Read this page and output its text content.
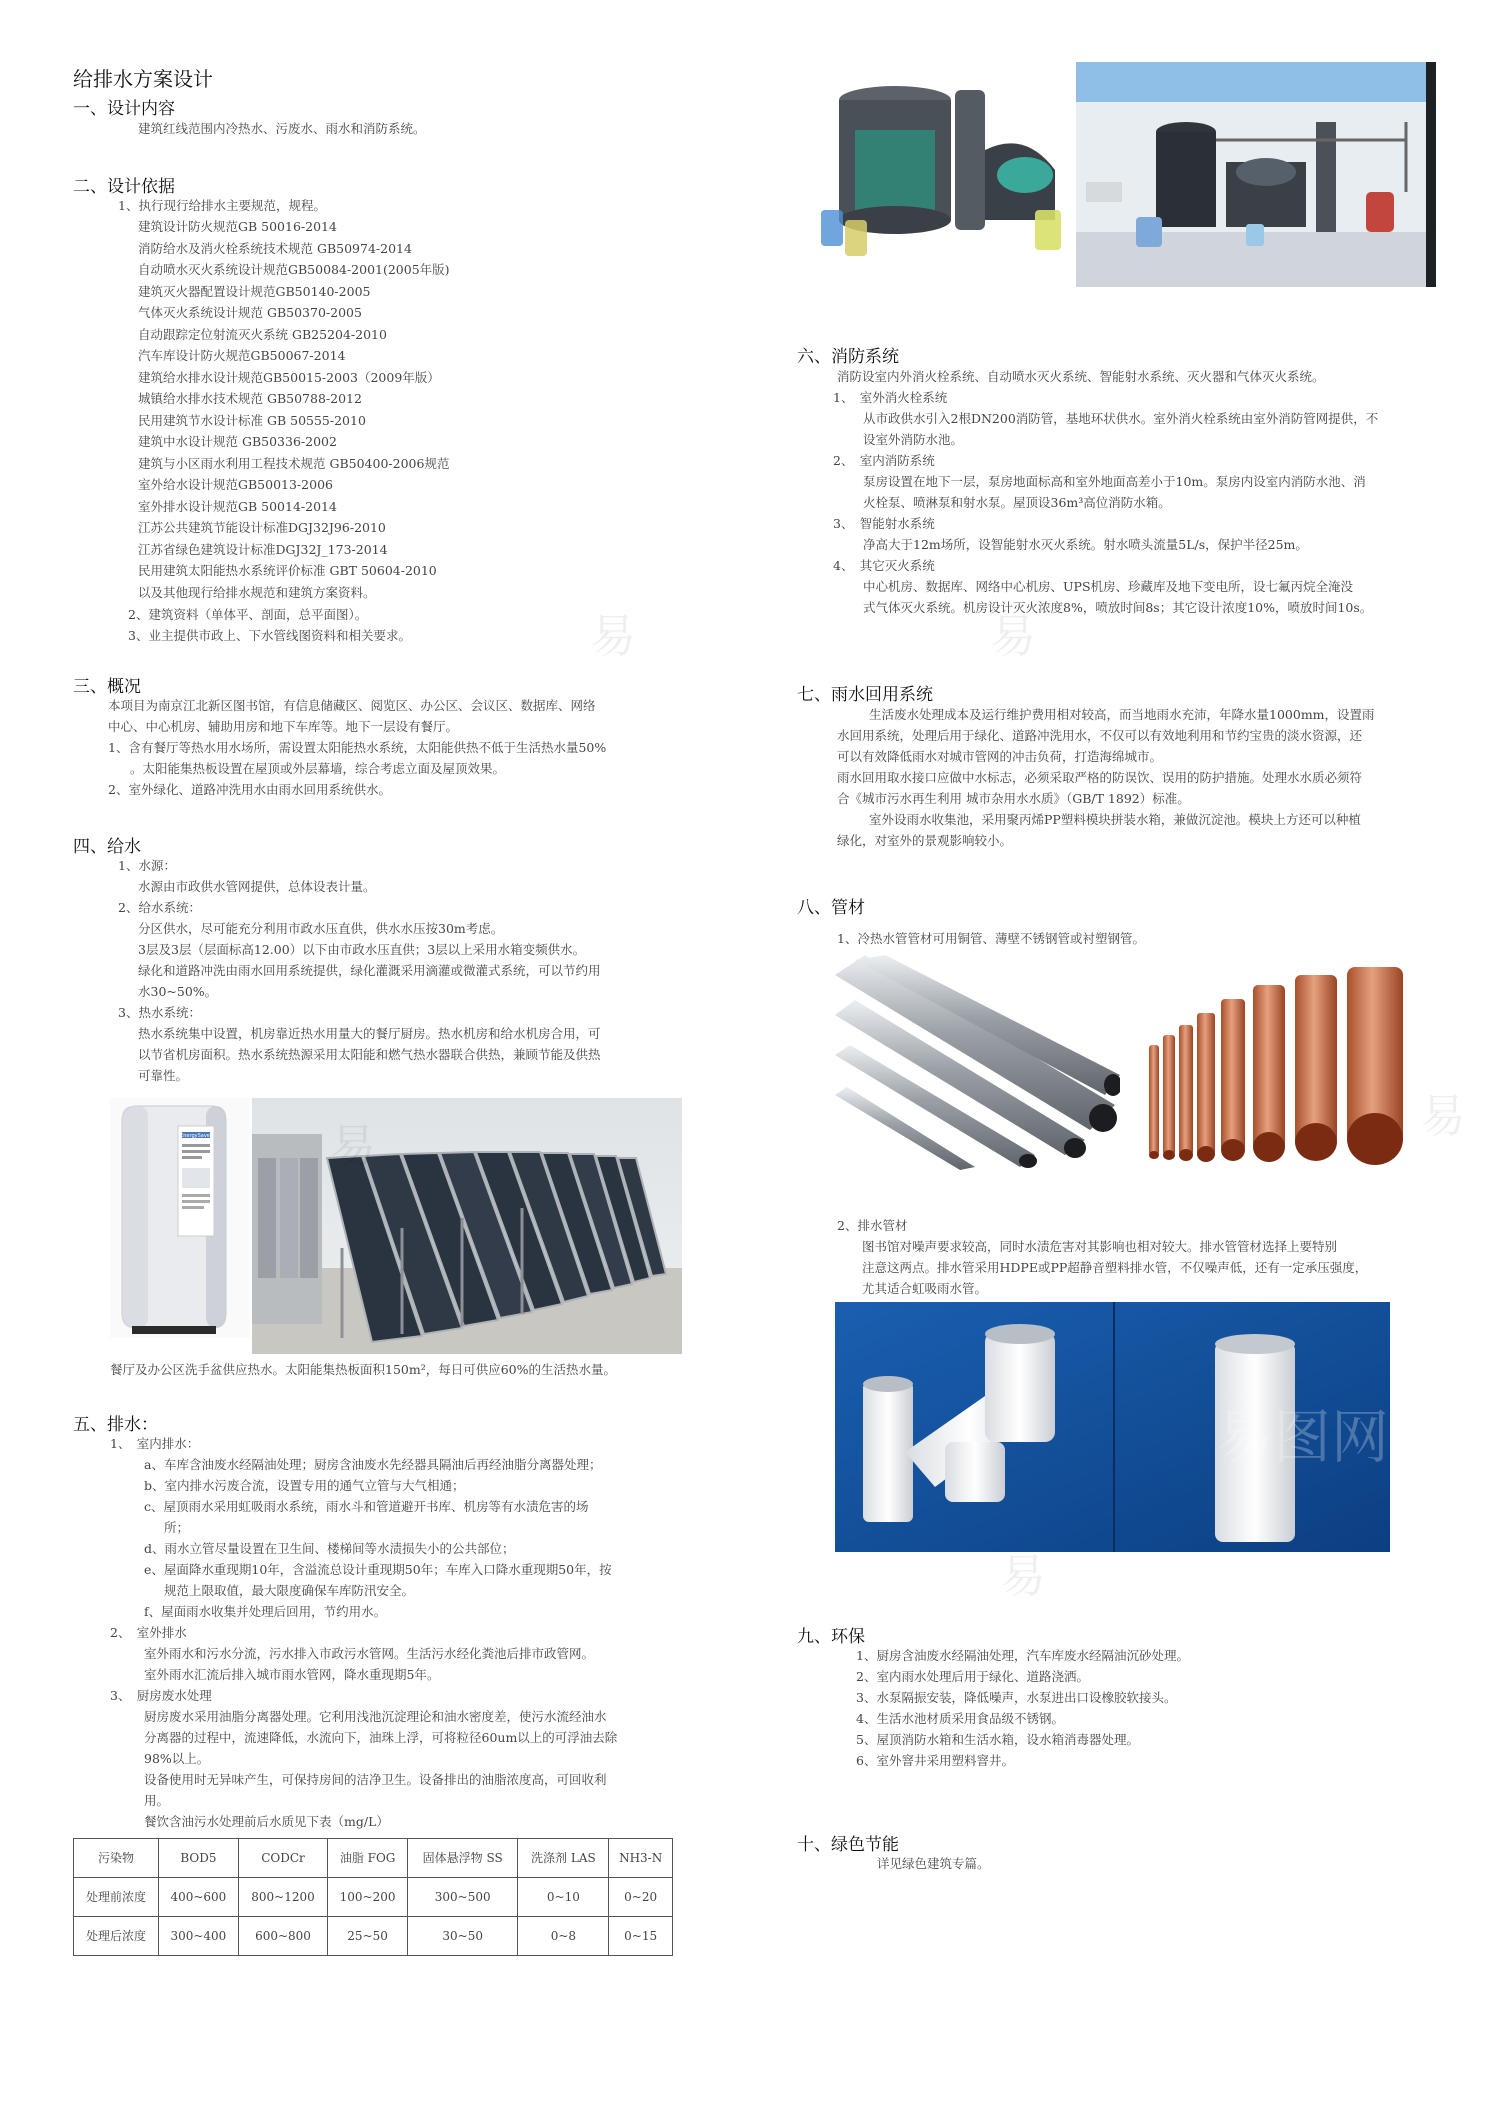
给排水方案设计
一、设计内容
建筑红线范围内冷热水、污废水、雨水和消防系统。
二、设计依据
1、执行现行给排水主要规范，规程。
建筑设计防火规范GB 50016-2014
消防给水及消火栓系统技术规范 GB50974-2014
自动喷水灭火系统设计规范GB50084-2001(2005年版)
建筑灭火器配置设计规范GB50140-2005
气体灭火系统设计规范 GB50370-2005
自动跟踪定位射流灭火系统 GB25204-2010
汽车库设计防火规范GB50067-2014
建筑给水排水设计规范GB50015-2003（2009年版）
城镇给水排水技术规范 GB50788-2012
民用建筑节水设计标准 GB 50555-2010
建筑中水设计规范 GB50336-2002
建筑与小区雨水利用工程技术规范 GB50400-2006规范
室外给水设计规范GB50013-2006
室外排水设计规范GB 50014-2014
江苏公共建筑节能设计标准DGJ32J96-2010
江苏省绿色建筑设计标准DGJ32J_173-2014
民用建筑太阳能热水系统评价标准 GBT 50604-2010
以及其他现行给排水规范和建筑方案资料。
2、建筑资料（单体平、剖面，总平面图）。
3、业主提供市政上、下水管线图资料和相关要求。
三、概况
本项目为南京江北新区图书馆，有信息储藏区、阅览区、办公区、会议区、数据库、网络
中心、中心机房、辅助用房和地下车库等。地下一层设有餐厅。
1、含有餐厅等热水用水场所，需设置太阳能热水系统，太阳能供热不低于生活热水量50%
。太阳能集热板设置在屋顶或外层幕墙，综合考虑立面及屋顶效果。
2、室外绿化、道路冲洗用水由雨水回用系统供水。
四、给水
1、水源：
水源由市政供水管网提供，总体设表计量。
2、给水系统：
分区供水，尽可能充分利用市政水压直供，供水水压按30m考虑。
3层及3层（层面标高12.00）以下由市政水压直供；3层以上采用水箱变频供水。
绿化和道路冲洗由雨水回用系统提供，绿化灌溉采用滴灌或微灌式系统，可以节约用
水30~50%。
3、热水系统：
热水系统集中设置，机房靠近热水用量大的餐厅厨房。热水机房和给水机房合用，可
以节省机房面积。热水系统热源采用太阳能和燃气热水器联合供热，兼顾节能及供热
可靠性。
EnergySaver
餐厅及办公区洗手盆供应热水。太阳能集热板面积150m²，每日可供应60%的生活热水量。
五、排水：
1、　室内排水：
a、车库含油废水经隔油处理；厨房含油废水先经器具隔油后再经油脂分离器处理；
b、室内排水污废合流，设置专用的通气立管与大气相通；
c、屋顶雨水采用虹吸雨水系统，雨水斗和管道避开书库、机房等有水渍危害的场
所；
d、雨水立管尽量设置在卫生间、楼梯间等水渍损失小的公共部位；
e、屋面降水重现期10年，含溢流总设计重现期50年；车库入口降水重现期50年，按
规范上限取值，最大限度确保车库防汛安全。
f、屋面雨水收集并处理后回用，节约用水。
2、　室外排水
室外雨水和污水分流，污水排入市政污水管网。生活污水经化粪池后排市政管网。
室外雨水汇流后排入城市雨水管网，降水重现期5年。
3、　厨房废水处理
厨房废水采用油脂分离器处理。它利用浅池沉淀理论和油水密度差，使污水流经油水
分离器的过程中，流速降低，水流向下，油珠上浮，可将粒径60um以上的可浮油去除
98%以上。
设备使用时无异味产生，可保持房间的洁净卫生。设备排出的油脂浓度高，可回收利
用。
餐饮含油污水处理前后水质见下表（mg/L）
污染物	BOD5	CODCr	油脂 FOG	固体悬浮物 SS	洗涤剂 LAS	NH3-N
处理前浓度	400~600	800~1200	100~200	300~500	0~10	0~20
处理后浓度	300~400	600~800	25~50	30~50	0~8	0~15
六、消防系统
消防设室内外消火栓系统、自动喷水灭火系统、智能射水系统、灭火器和气体灭火系统。
1、　室外消火栓系统
从市政供水引入2根DN200消防管，基地环状供水。室外消火栓系统由室外消防管网提供，不
设室外消防水池。
2、　室内消防系统
泵房设置在地下一层，泵房地面标高和室外地面高差小于10m。泵房内设室内消防水池、消
火栓泵、喷淋泵和射水泵。屋顶设36m³高位消防水箱。
3、　智能射水系统
净高大于12m场所，设智能射水灭火系统。射水喷头流量5L/s，保护半径25m。
4、　其它灭火系统
中心机房、数据库、网络中心机房、UPS机房、珍藏库及地下变电所，设七氟丙烷全淹没
式气体灭火系统。机房设计灭火浓度8%，喷放时间8s；其它设计浓度10%，喷放时间10s。
七、雨水回用系统
生活废水处理成本及运行维护费用相对较高，而当地雨水充沛，年降水量1000mm，设置雨
水回用系统，处理后用于绿化、道路冲洗用水，不仅可以有效地利用和节约宝贵的淡水资源，还
可以有效降低雨水对城市管网的冲击负荷，打造海绵城市。
雨水回用取水接口应做中水标志，必须采取严格的防误饮、误用的防护措施。处理水水质必须符
合《城市污水再生利用 城市杂用水水质》（GB/T 1892）标准。
室外设雨水收集池，采用聚丙烯PP塑料模块拼装水箱，兼做沉淀池。模块上方还可以种植
绿化，对室外的景观影响较小。
八、管材
1、冷热水管管材可用铜管、薄壁不锈钢管或衬塑钢管。
2、排水管材
图书馆对噪声要求较高，同时水渍危害对其影响也相对较大。排水管管材选择上要特别
注意这两点。排水管采用HDPE或PP超静音塑料排水管，不仅噪声低，还有一定承压强度，
尤其适合虹吸雨水管。
易图网
九、环保
1、厨房含油废水经隔油处理，汽车库废水经隔油沉砂处理。
2、室内雨水处理后用于绿化、道路浇洒。
3、水泵隔振安装，降低噪声，水泵进出口设橡胶软接头。
4、生活水池材质采用食品级不锈钢。
5、屋顶消防水箱和生活水箱，设水箱消毒器处理。
6、室外窨井采用塑料窨井。
十、绿色节能
详见绿色建筑专篇。
易	易
易
易
